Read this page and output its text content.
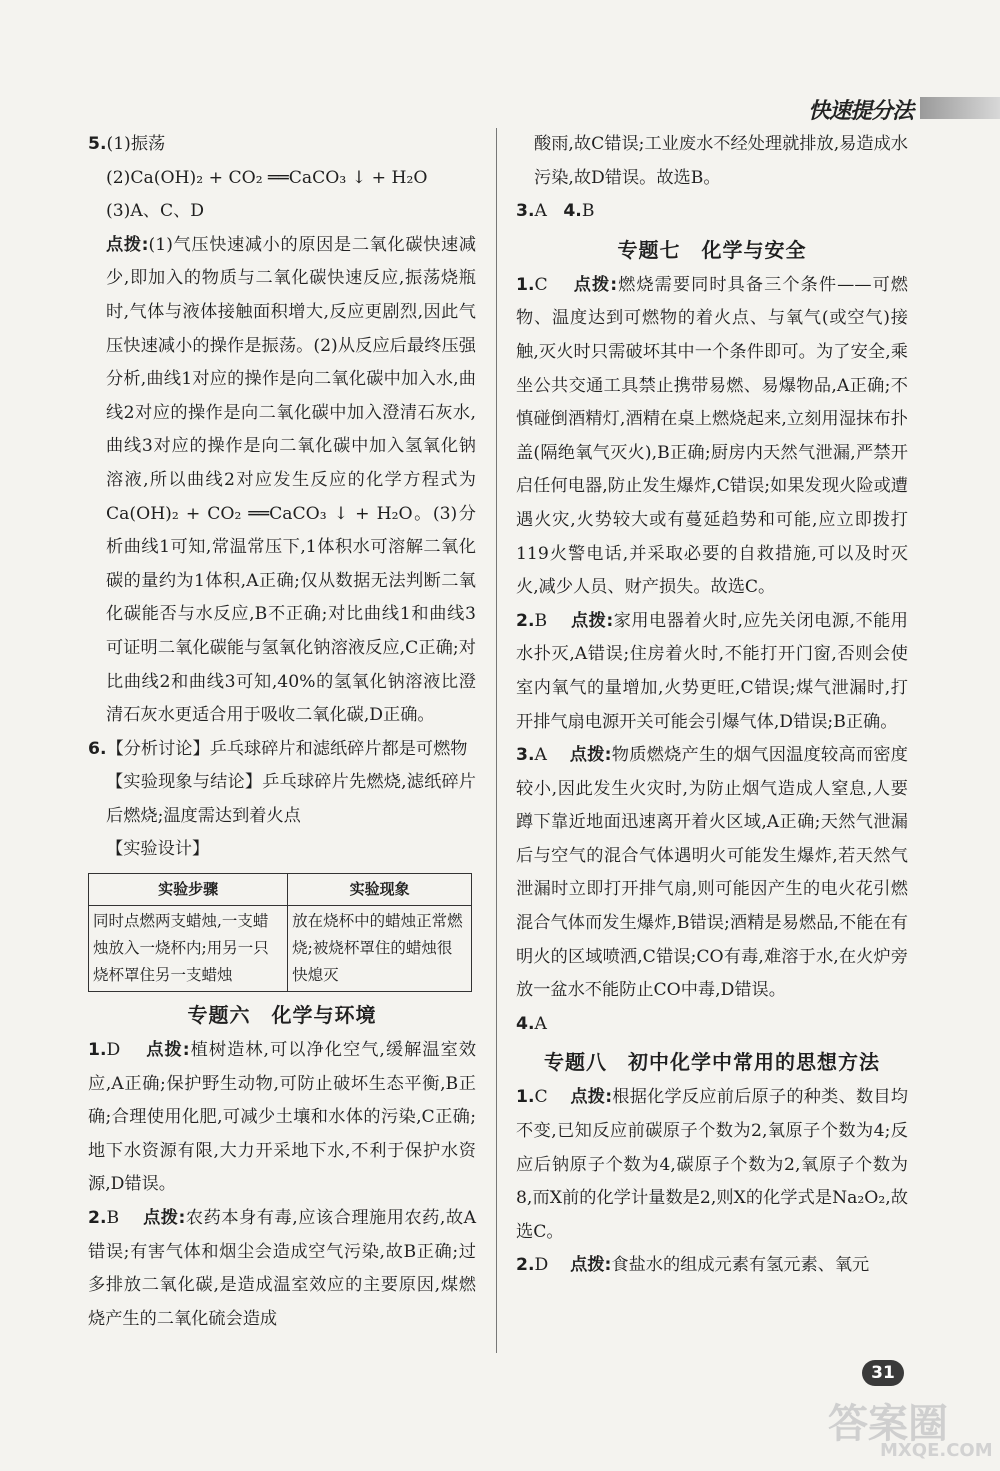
快速提分法
5.(1)振荡
(2)Ca(OH)₂ + CO₂ ══CaCO₃ ↓ + H₂O
(3)A、C、D
点拨:(1)气压快速减小的原因是二氧化碳快速减少,即加入的物质与二氧化碳快速反应,振荡烧瓶时,气体与液体接触面积增大,反应更剧烈,因此气压快速减小的操作是振荡。(2)从反应后最终压强分析,曲线1对应的操作是向二氧化碳中加入水,曲线2对应的操作是向二氧化碳中加入澄清石灰水,曲线3对应的操作是向二氧化碳中加入氢氧化钠溶液,所以曲线2对应发生反应的化学方程式为Ca(OH)₂ + CO₂ ══CaCO₃ ↓ + H₂O。(3)分析曲线1可知,常温常压下,1体积水可溶解二氧化碳的量约为1体积,A正确;仅从数据无法判断二氧化碳能否与水反应,B不正确;对比曲线1和曲线3可证明二氧化碳能与氢氧化钠溶液反应,C正确;对比曲线2和曲线3可知,40%的氢氧化钠溶液比澄清石灰水更适合用于吸收二氧化碳,D正确。
6.【分析讨论】乒乓球碎片和滤纸碎片都是可燃物
【实验现象与结论】乒乓球碎片先燃烧,滤纸碎片后燃烧;温度需达到着火点
【实验设计】
实验步骤	实验现象
同时点燃两支蜡烛,一支蜡烛放入一烧杯内;用另一只烧杯罩住另一支蜡烛	放在烧杯中的蜡烛正常燃烧;被烧杯罩住的蜡烛很快熄灭
专题六　化学与环境
1.D 点拨:植树造林,可以净化空气,缓解温室效应,A正确;保护野生动物,可防止破坏生态平衡,B正确;合理使用化肥,可减少土壤和水体的污染,C正确;地下水资源有限,大力开采地下水,不利于保护水资源,D错误。
2.B 点拨:农药本身有毒,应该合理施用农药,故A错误;有害气体和烟尘会造成空气污染,故B正确;过多排放二氧化碳,是造成温室效应的主要原因,煤燃烧产生的二氧化硫会造成
酸雨,故C错误;工业废水不经处理就排放,易造成水污染,故D错误。故选B。
3.A 4.B
专题七　化学与安全
1.C 点拨:燃烧需要同时具备三个条件——可燃物、温度达到可燃物的着火点、与氧气(或空气)接触,灭火时只需破坏其中一个条件即可。为了安全,乘坐公共交通工具禁止携带易燃、易爆物品,A正确;不慎碰倒酒精灯,酒精在桌上燃烧起来,立刻用湿抹布扑盖(隔绝氧气灭火),B正确;厨房内天然气泄漏,严禁开启任何电器,防止发生爆炸,C错误;如果发现火险或遭遇火灾,火势较大或有蔓延趋势和可能,应立即拨打119火警电话,并采取必要的自救措施,可以及时灭火,减少人员、财产损失。故选C。
2.B 点拨:家用电器着火时,应先关闭电源,不能用水扑灭,A错误;住房着火时,不能打开门窗,否则会使室内氧气的量增加,火势更旺,C错误;煤气泄漏时,打开排气扇电源开关可能会引爆气体,D错误;B正确。
3.A 点拨:物质燃烧产生的烟气因温度较高而密度较小,因此发生火灾时,为防止烟气造成人窒息,人要蹲下靠近地面迅速离开着火区域,A正确;天然气泄漏后与空气的混合气体遇明火可能发生爆炸,若天然气泄漏时立即打开排气扇,则可能因产生的电火花引燃混合气体而发生爆炸,B错误;酒精是易燃品,不能在有明火的区域喷洒,C错误;CO有毒,难溶于水,在火炉旁放一盆水不能防止CO中毒,D错误。
4.A
专题八　初中化学中常用的思想方法
1.C 点拨:根据化学反应前后原子的种类、数目均不变,已知反应前碳原子个数为2,氧原子个数为4;反应后钠原子个数为4,碳原子个数为2,氧原子个数为8,而X前的化学计量数是2,则X的化学式是Na₂O₂,故选C。
2.D 点拨:食盐水的组成元素有氢元素、氧元
31
答案圈
MXQE.COM
